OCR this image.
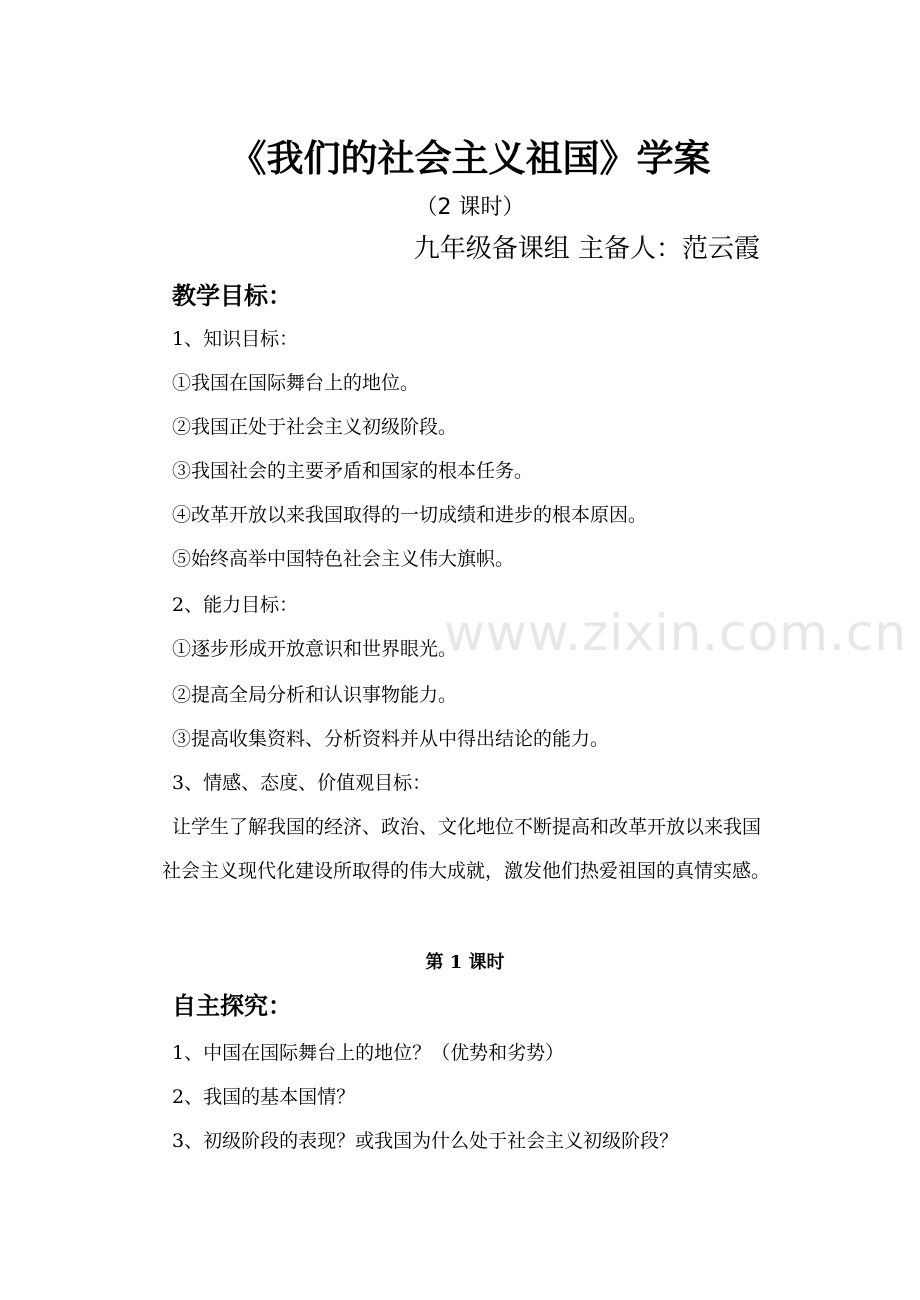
《我们的社会主义祖国》学案
（2 课时）
九年级备课组 主备人：范云霞
教学目标：
1、知识目标：
①我国在国际舞台上的地位。
②我国正处于社会主义初级阶段。
③我国社会的主要矛盾和国家的根本任务。
④改革开放以来我国取得的一切成绩和进步的根本原因。
⑤始终高举中国特色社会主义伟大旗帜。
2、能力目标：
①逐步形成开放意识和世界眼光。
②提高全局分析和认识事物能力。
③提高收集资料、分析资料并从中得出结论的能力。
3、情感、态度、价值观目标：
让学生了解我国的经济、政治、文化地位不断提高和改革开放以来我国社会主义现代化建设所取得的伟大成就，激发他们热爱祖国的真情实感。
第 1 课时
自主探究：
1、中国在国际舞台上的地位？（优势和劣势）
2、我国的基本国情？
3、初级阶段的表现？或我国为什么处于社会主义初级阶段？
www.zixin.com.cn
